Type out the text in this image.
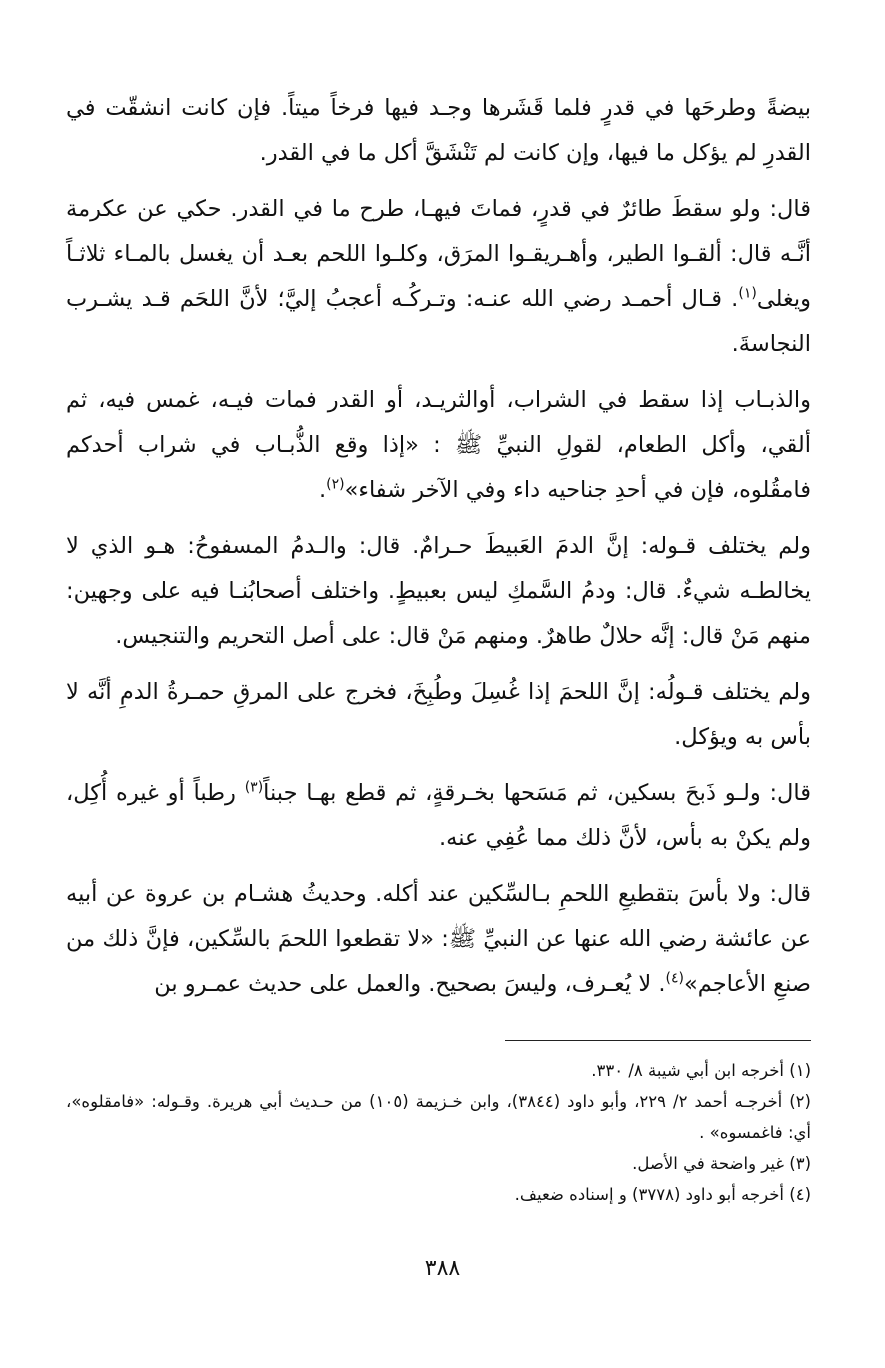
بيضةً وطرحَها في قدرٍ فلما قَشَرها وجـد فيها فرخاً ميتاً. فإن كانت انشقّت في القدرِ لم يؤكل ما فيها، وإن كانت لم تَنْشَقَّ أكل ما في القدر.

قال: ولو سقطَ طائرٌ في قدرٍ، فماتَ فيهـا، طرح ما في القدر. حكي عن عكرمة أنَّـه قال: ألقـوا الطير، وأهـريقـوا المرَق، وكلـوا اللحم بعـد أن يغسل بالمـاء ثلاثـاً ويغلى$^{(١)}$. قـال أحمـد رضي الله عنـه: وتـركُـه أعجبُ إليَّ؛ لأنَّ اللحَم قـد يشـرب النجاسةَ.

والذبـاب إذا سقط في الشراب، أوالثريـد، أو القدر فمات فيـه، غمس فيه، ثم ألقي، وأكل الطعام، لقولِ النبيِّ ﷺ : «إذا وقع الذُّبـاب في شراب أحدكم فامقُلوه، فإن في أحدِ جناحيه داء وفي الآخر شفاء»$^{(٢)}$.

ولم يختلف قـوله: إنَّ الدمَ العَبيطَ حـرامٌ. قال: والـدمُ المسفوحُ: هـو الذي لا يخالطـه شيءٌ. قال: ودمُ السَّمكِ ليس بعبيطٍ. واختلف أصحابُنـا فيه على وجهين: منهم مَنْ قال: إنَّه حلالٌ طاهرٌ. ومنهم مَنْ قال: على أصل التحريم والتنجيس.

ولم يختلف قـولُه: إنَّ اللحمَ إذا غُسِلَ وطُبِخَ، فخرج على المرقِ حمـرةُ الدمِ أنَّه لا بأس به ويؤكل.

قال: ولـو ذَبحَ بسكين، ثم مَسَحها بخـرقةٍ، ثم قطع بهـا جبناً$^{(٣)}$ رطباً أو غيره أُكِل، ولم يكنْ به بأس، لأنَّ ذلك مما عُفِي عنه.

قال: ولا بأسَ بتقطيعِ اللحمِ بـالسِّكين عند أكله. وحديثُ هشـام بن عروة عن أبيه عن عائشة رضي الله عنها عن النبيِّ ﷺ: «لا تقطعوا اللحمَ بالسِّكين، فإنَّ ذلك من صنعِ الأعاجم»$^{(٤)}$. لا يُعـرف، وليسَ بصحيح. والعمل على حديث عمـرو بن

(١) أخرجه ابن أبي شيبة ٨/ ٣٣٠.

(٢) أخرجـه أحمد ٢/ ٢٢٩، وأبو داود (٣٨٤٤)، وابن خـزيمة (١٠٥) من حـديث أبي هريرة. وقـوله: «فامقلوه»، أي: فاغمسوه» .

(٣) غير واضحة في الأصل.

(٤) أخرجه أبو داود (٣٧٧٨) و إسناده ضعيف.

٣٨٨
